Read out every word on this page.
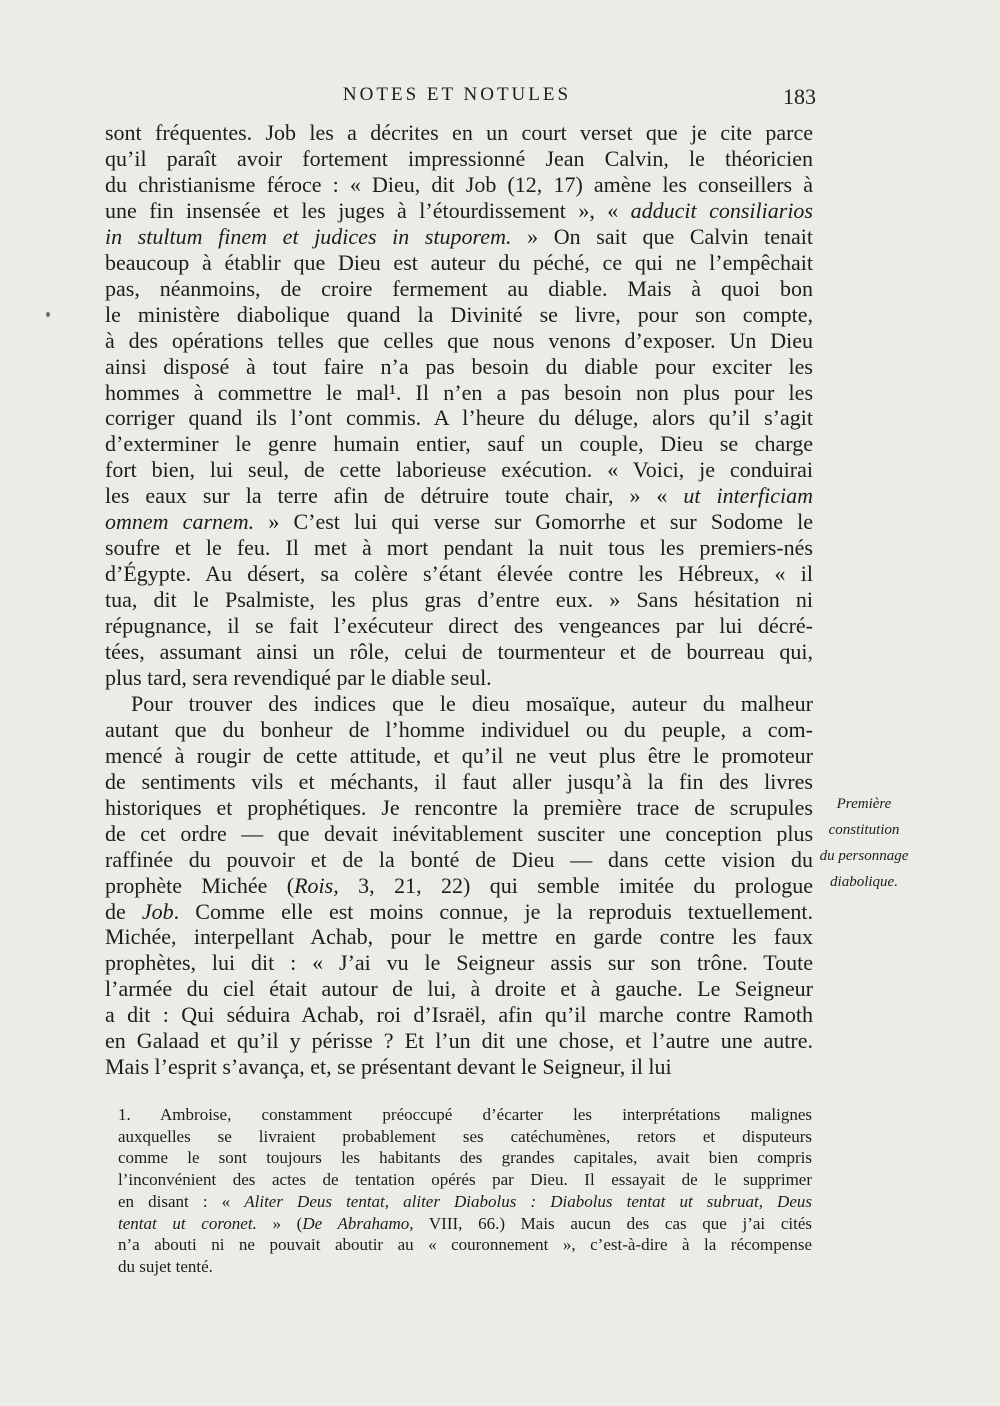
NOTES ET NOTULES	183

sont fréquentes. Job les a décrites en un court verset que je cite parce

qu’il paraît avoir fortement impressionné Jean Calvin, le théoricien

du christianisme féroce : « Dieu, dit Job (12, 17) amène les conseillers à

une fin insensée et les juges à l’étourdissement », « adducit consiliarios

in stultum finem et judices in stuporem. » On sait que Calvin tenait

beaucoup à établir que Dieu est auteur du péché, ce qui ne l’empêchait

pas, néanmoins, de croire fermement au diable. Mais à quoi bon

le ministère diabolique quand la Divinité se livre, pour son compte,

à des opérations telles que celles que nous venons d’exposer. Un Dieu

ainsi disposé à tout faire n’a pas besoin du diable pour exciter les

hommes à commettre le mal¹. Il n’en a pas besoin non plus pour les

corriger quand ils l’ont commis. A l’heure du déluge, alors qu’il s’agit

d’exterminer le genre humain entier, sauf un couple, Dieu se charge

fort bien, lui seul, de cette laborieuse exécution. « Voici, je conduirai

les eaux sur la terre afin de détruire toute chair, » « ut interficiam

omnem carnem. » C’est lui qui verse sur Gomorrhe et sur Sodome le

soufre et le feu. Il met à mort pendant la nuit tous les premiers-nés

d’Égypte. Au désert, sa colère s’étant élevée contre les Hébreux, « il

tua, dit le Psalmiste, les plus gras d’entre eux. » Sans hésitation ni

répugnance, il se fait l’exécuteur direct des vengeances par lui décré-

tées, assumant ainsi un rôle, celui de tourmenteur et de bourreau qui,

plus tard, sera revendiqué par le diable seul.

Pour trouver des indices que le dieu mosaïque, auteur du malheur

autant que du bonheur de l’homme individuel ou du peuple, a com-

mencé à rougir de cette attitude, et qu’il ne veut plus être le promoteur

de sentiments vils et méchants, il faut aller jusqu’à la fin des livres

historiques et prophétiques. Je rencontre la première trace de scrupules

de cet ordre — que devait inévitablement susciter une conception plus

raffinée du pouvoir et de la bonté de Dieu — dans cette vision du

prophète Michée (Rois, 3, 21, 22) qui semble imitée du prologue

de Job. Comme elle est moins connue, je la reproduis textuellement.

Michée, interpellant Achab, pour le mettre en garde contre les faux

prophètes, lui dit : « J’ai vu le Seigneur assis sur son trône. Toute

l’armée du ciel était autour de lui, à droite et à gauche. Le Seigneur

a dit : Qui séduira Achab, roi d’Israël, afin qu’il marche contre Ramoth

en Galaad et qu’il y périsse ? Et l’un dit une chose, et l’autre une autre.

Mais l’esprit s’avança, et, se présentant devant le Seigneur, il lui

Première
constitution
du personnage
diabolique.

1. Ambroise, constamment préoccupé d’écarter les interprétations malignes

auxquelles se livraient probablement ses catéchumènes, retors et disputeurs

comme le sont toujours les habitants des grandes capitales, avait bien compris

l’inconvénient des actes de tentation opérés par Dieu. Il essayait de le supprimer

en disant : « Aliter Deus tentat, aliter Diabolus : Diabolus tentat ut subruat, Deus

tentat ut coronet. » (De Abrahamo, VIII, 66.) Mais aucun des cas que j’ai cités

n’a abouti ni ne pouvait aboutir au « couronnement », c’est-à-dire à la récompense

du sujet tenté.
